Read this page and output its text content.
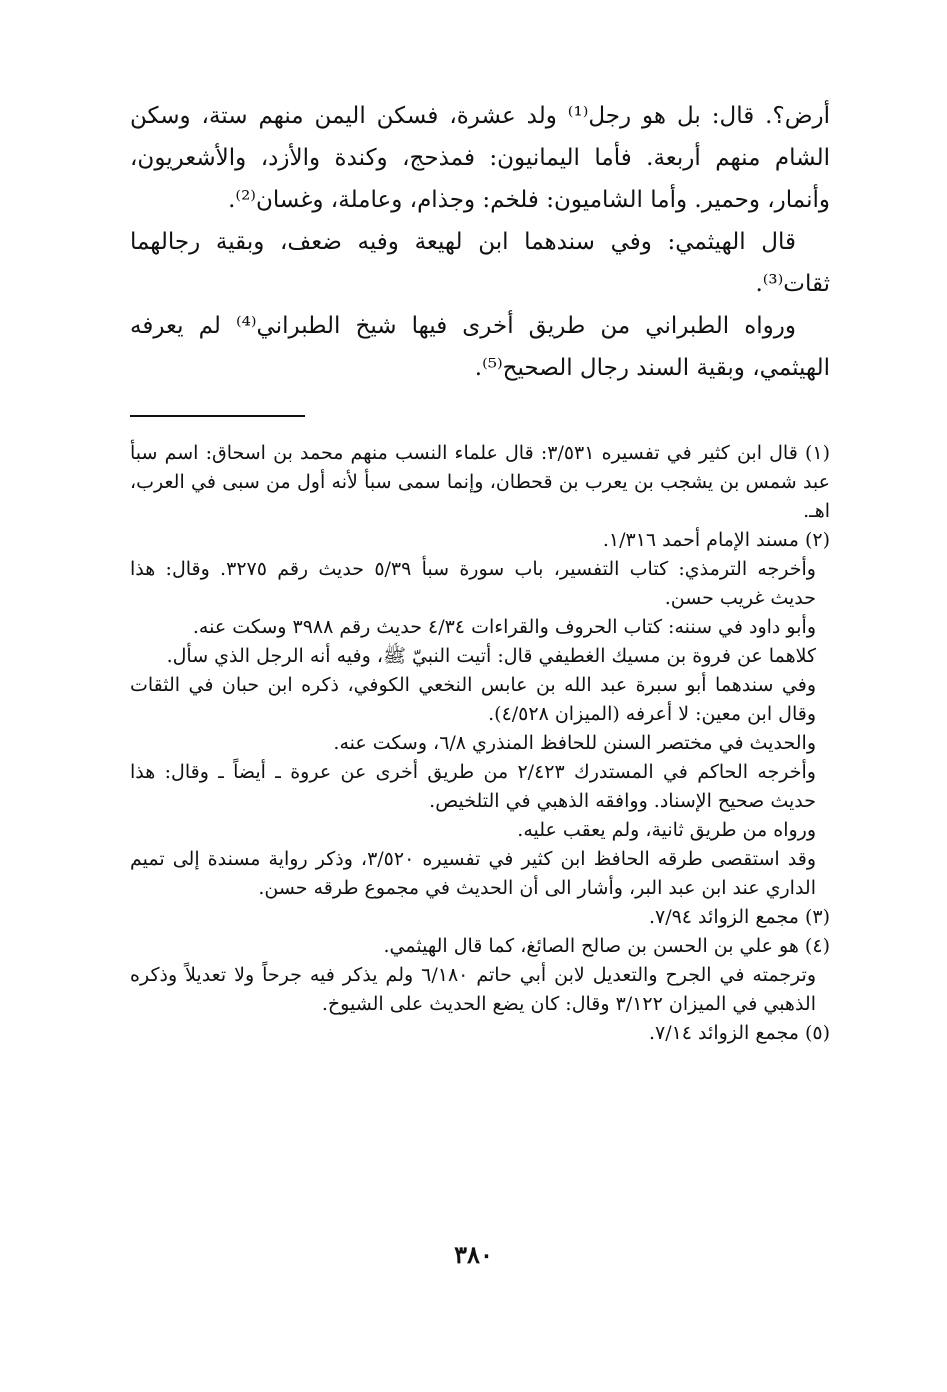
أرض؟. قال: بل هو رجل⁽¹⁾ ولد عشرة، فسكن اليمن منهم ستة، وسكن الشام منهم أربعة. فأما اليمانيون: فمذحج، وكندة والأزد، والأشعريون، وأنمار، وحمير. وأما الشاميون: فلخم: وجذام، وعاملة، وغسان⁽²⁾.

قال الهيثمي: وفي سندهما ابن لهيعة وفيه ضعف، وبقية رجالهما ثقات⁽³⁾.

ورواه الطبراني من طريق أخرى فيها شيخ الطبراني⁽⁴⁾ لم يعرفه الهيثمي، وبقية السند رجال الصحيح⁽⁵⁾.

(١) قال ابن كثير في تفسيره ٣/٥٣١: قال علماء النسب منهم محمد بن اسحاق: اسم سبأ عبد شمس بن يشجب بن يعرب بن قحطان، وإنما سمى سبأ لأنه أول من سبى في العرب، اهـ.

(٢) مسند الإمام أحمد ١/٣١٦.

وأخرجه الترمذي: كتاب التفسير، باب سورة سبأ ٥/٣٩ حديث رقم ٣٢٧٥. وقال: هذا حديث غريب حسن.

وأبو داود في سننه: كتاب الحروف والقراءات ٤/٣٤ حديث رقم ٣٩٨٨ وسكت عنه.

كلاهما عن فروة بن مسيك الغطيفي قال: أتيت النبيّ ﷺ، وفيه أنه الرجل الذي سأل.

وفي سندهما أبو سبرة عبد الله بن عابس النخعي الكوفي، ذكره ابن حبان في الثقات وقال ابن معين: لا أعرفه (الميزان ٤/٥٢٨).

والحديث في مختصر السنن للحافظ المنذري ٦/٨، وسكت عنه.

وأخرجه الحاكم في المستدرك ٢/٤٢٣ من طريق أخرى عن عروة ـ أيضاً ـ وقال: هذا حديث صحيح الإسناد. ووافقه الذهبي في التلخيص.

ورواه من طريق ثانية، ولم يعقب عليه.

وقد استقصى طرقه الحافظ ابن كثير في تفسيره ٣/٥٢٠، وذكر رواية مسندة إلى تميم الداري عند ابن عبد البر، وأشار الى أن الحديث في مجموع طرقه حسن.

(٣) مجمع الزوائد ٧/٩٤.

(٤) هو علي بن الحسن بن صالح الصائغ، كما قال الهيثمي.

وترجمته في الجرح والتعديل لابن أبي حاتم ٦/١٨٠ ولم يذكر فيه جرحاً ولا تعديلاً وذكره الذهبي في الميزان ٣/١٢٢ وقال: كان يضع الحديث على الشيوخ.

(٥) مجمع الزوائد ٧/١٤.

٣٨٠
